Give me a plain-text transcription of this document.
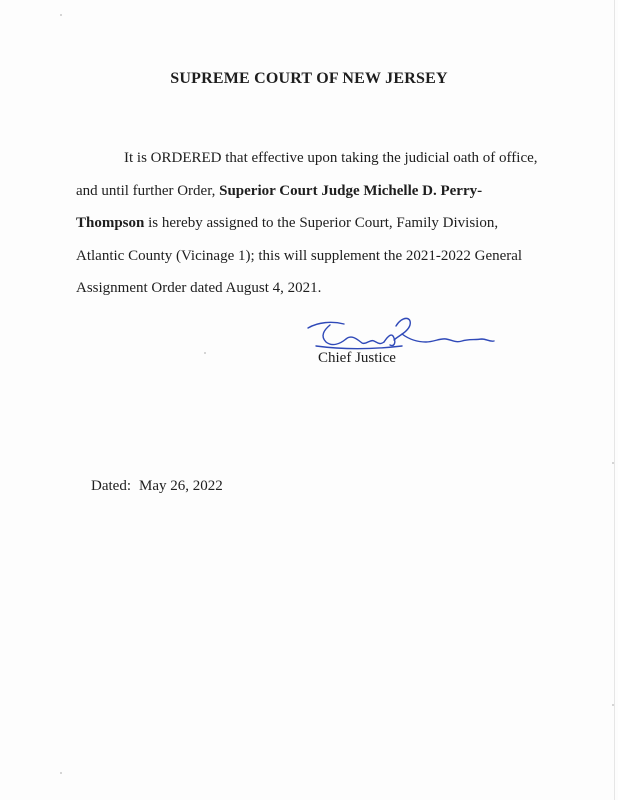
SUPREME COURT OF NEW JERSEY

It is ORDERED that effective upon taking the judicial oath of office, and until further Order, Superior Court Judge Michelle D. Perry-Thompson is hereby assigned to the Superior Court, Family Division, Atlantic County (Vicinage 1); this will supplement the 2021-2022 General Assignment Order dated August 4, 2021.

Chief Justice

Dated: May 26, 2022
